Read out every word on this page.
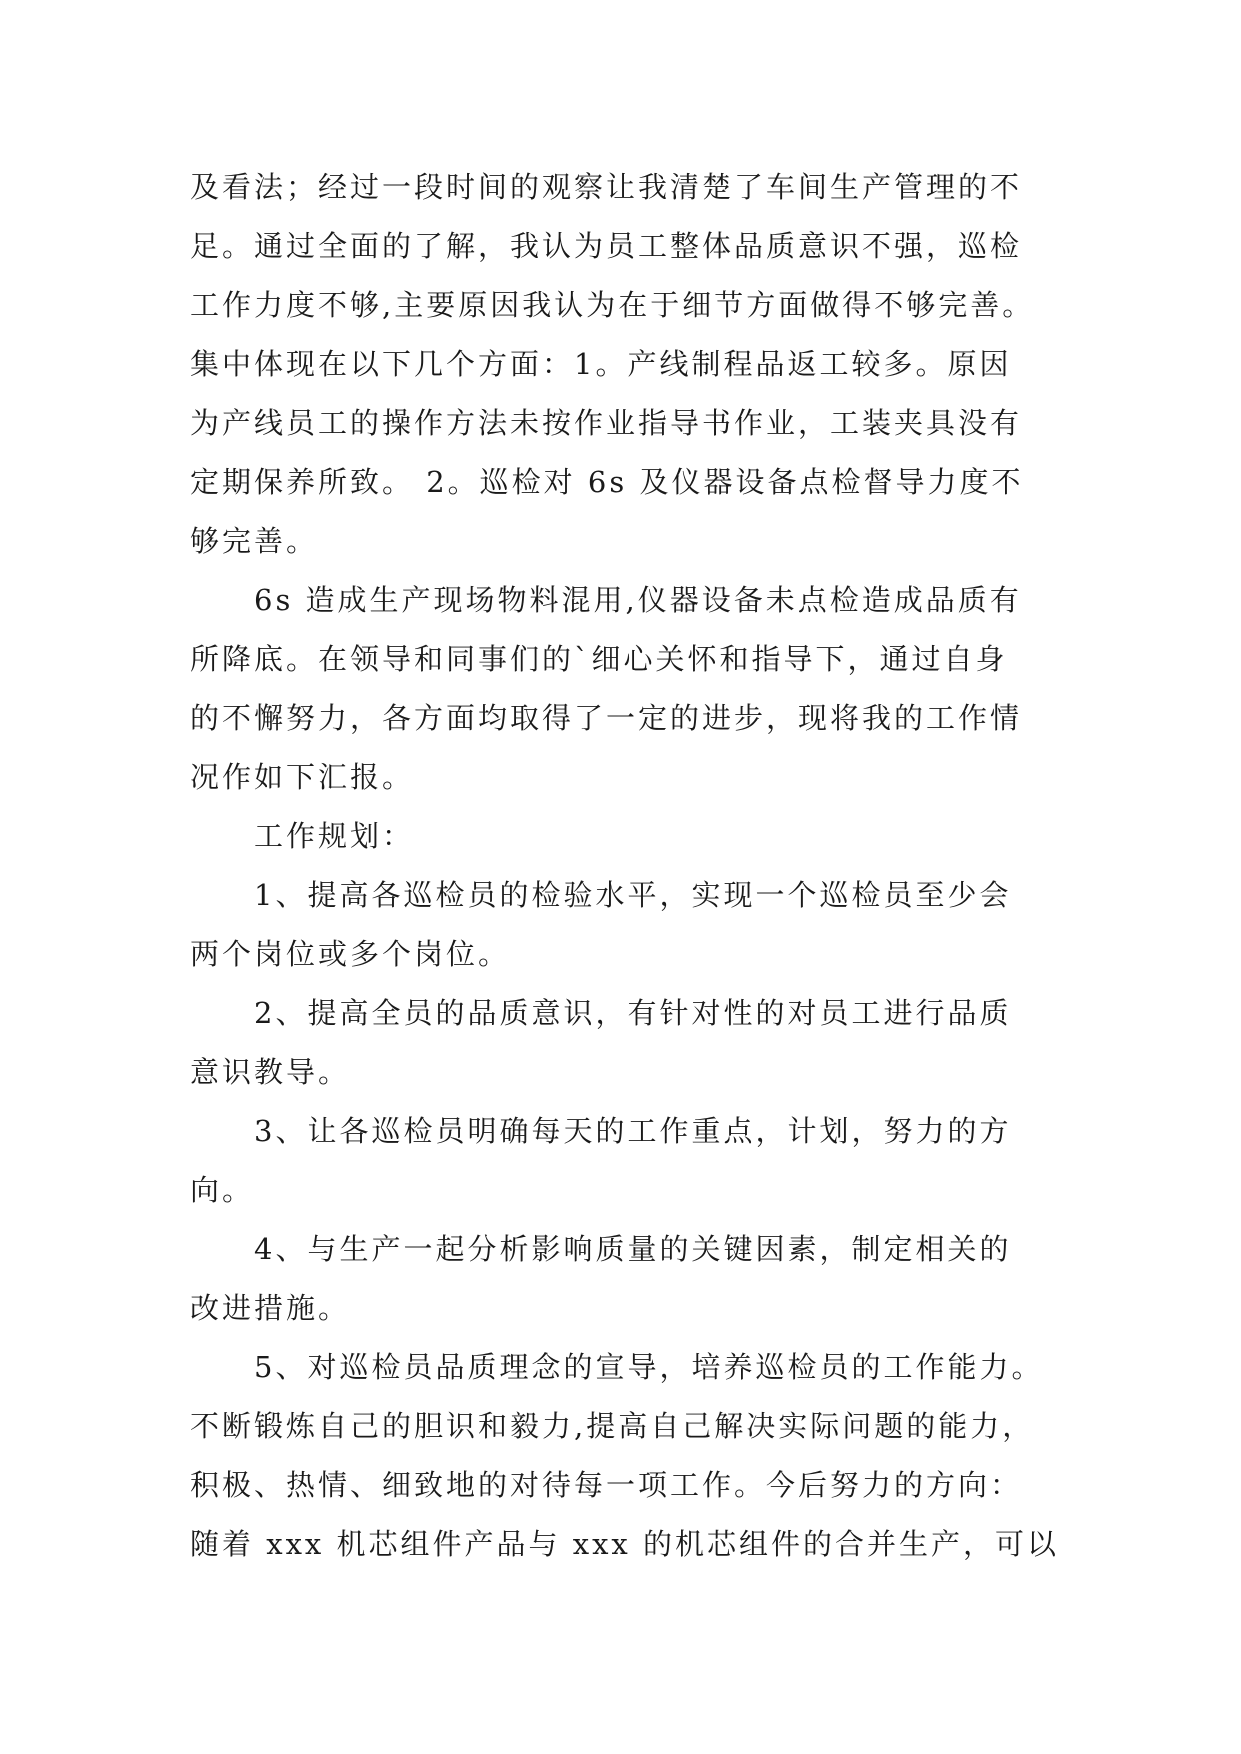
及看法；经过一段时间的观察让我清楚了车间生产管理的不
足。通过全面的了解，我认为员工整体品质意识不强，巡检
工作力度不够,主要原因我认为在于细节方面做得不够完善。
集中体现在以下几个方面：1。产线制程品返工较多。原因
为产线员工的操作方法未按作业指导书作业，工装夹具没有
定期保养所致。 2。巡检对 6s 及仪器设备点检督导力度不
够完善。
6s 造成生产现场物料混用,仪器设备未点检造成品质有
所降底。在领导和同事们的`细心关怀和指导下，通过自身
的不懈努力，各方面均取得了一定的进步，现将我的工作情
况作如下汇报。
工作规划：
1、提高各巡检员的检验水平，实现一个巡检员至少会
两个岗位或多个岗位。
2、提高全员的品质意识，有针对性的对员工进行品质
意识教导。
3、让各巡检员明确每天的工作重点，计划，努力的方
向。
4、与生产一起分析影响质量的关键因素，制定相关的
改进措施。
5、对巡检员品质理念的宣导，培养巡检员的工作能力。
不断锻炼自己的胆识和毅力,提高自己解决实际问题的能力，
积极、热情、细致地的对待每一项工作。今后努力的方向：
随着 xxx 机芯组件产品与 xxx 的机芯组件的合并生产，可以
